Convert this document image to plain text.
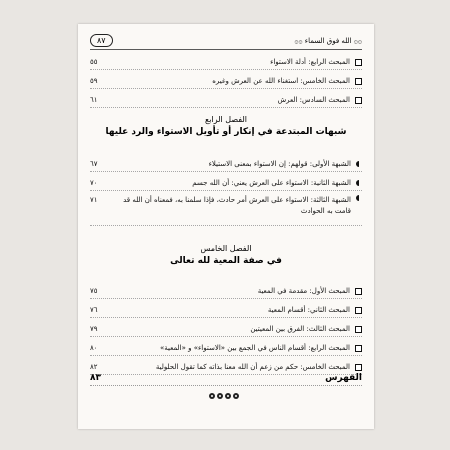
۞۞ الله فوق السماء ۞۞
٨٧
المبحث الرابع: أدلة الاستواء
٥٥
المبحث الخامس: استغناء الله عن العرش وغيره
٥٩
المبحث السادس: العرش
٦١
الفصل الرابع
شبهات المبتدعة في إنكار أو تأويل الاستواء والرد عليها
الشبهة الأولى: قولهم: إن الاستواء بمعنى الاستيلاء
٦٧
الشبهة الثانية: الاستواء على العرش يعني: أن الله جسم
٧٠
الشبهة الثالثة: الاستواء على العرش أمر حادث، فإذا سلمنا به، فمعناه أن الله قد قامت به الحوادث
٧١
الفصل الخامس
في صفة المعية لله تعالى
المبحث الأول: مقدمة في المعية
٧٥
المبحث الثاني: أقسام المعية
٧٦
المبحث الثالث: الفرق بين المعيتين
٧٩
المبحث الرابع: أقسام الناس في الجمع بين «الاستواء» و «المعية»
٨٠
المبحث الخامس: حكم من زعم أن الله معنا بذاته كما تقول الحلولية
٨٢
الفهرس
٨٣
